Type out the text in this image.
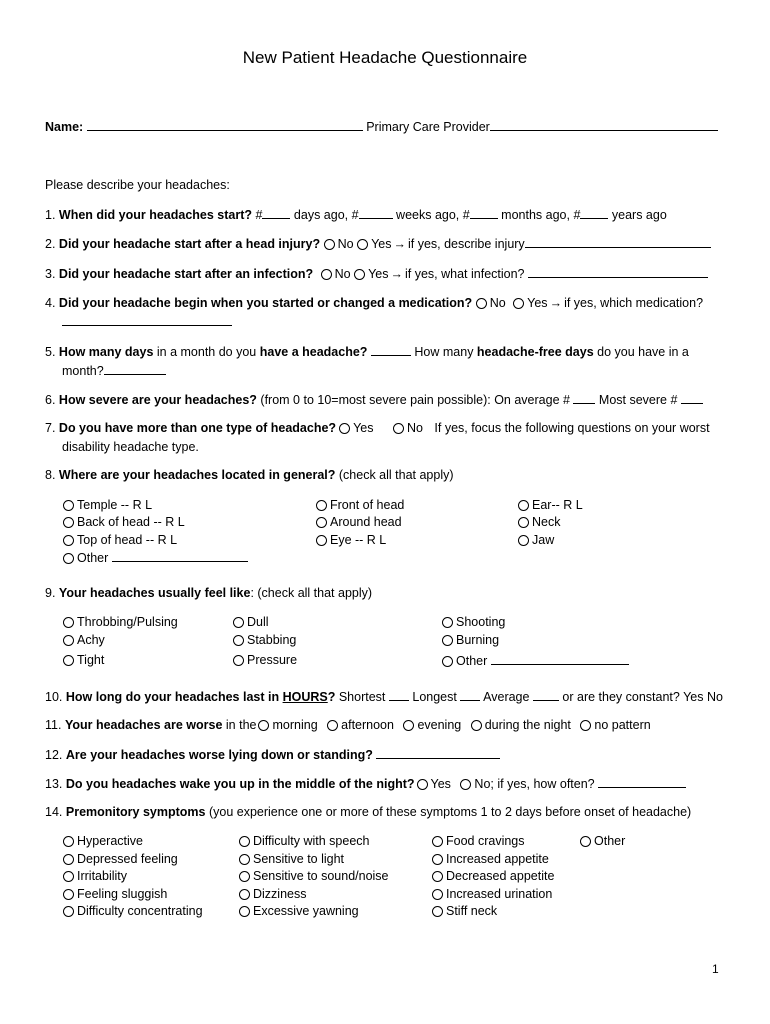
New Patient Headache Questionnaire
Name:	Primary Care Provider
Please describe your headaches:
1. When did your headaches start? # days ago, #	weeks ago, # months ago, # years ago
2. Did your headache start after a head injury? No Yes → if yes, describe injury
3. Did your headache start after an infection? No Yes → if yes, what infection?
4. Did your headache begin when you started or changed a medication? No Yes → if yes, which medication?
5. How many days in a month do you have a headache?	How many headache-free days do you have in a
month?
6. How severe are your headaches? (from 0 to 10=most severe pain possible): On average #  Most severe #
7. Do you have more than one type of headache? Yes	No If yes, focus the following questions on your worst
disability headache type.
8. Where are your headaches located in general? (check all that apply)
Temple -- R L
Back of head -- R L
Top of head -- R L
Other
Front of head
Around head
Eye -- R L
Ear-- R L
Neck
Jaw
9. Your headaches usually feel like: (check all that apply)
Throbbing/Pulsing
Achy
Tight
Dull
Stabbing
Pressure
Shooting
Burning
Other
10. How long do your headaches last in HOURS? Shortest  Longest  Average  or are they constant? Yes No
11. Your headaches are worse in the morning afternoon evening during the night no pattern
12. Are your headaches worse lying down or standing?
13. Do you headaches wake you up in the middle of the night? Yes No; if yes, how often?
14. Premonitory symptoms (you experience one or more of these symptoms 1 to 2 days before onset of headache)
Hyperactive
Depressed feeling
Irritability
Feeling sluggish
Difficulty concentrating
Difficulty with speech
Sensitive to light
Sensitive to sound/noise
Dizziness
Excessive yawning
Food cravings
Increased appetite
Decreased appetite
Increased urination
Stiff neck
Other
1
